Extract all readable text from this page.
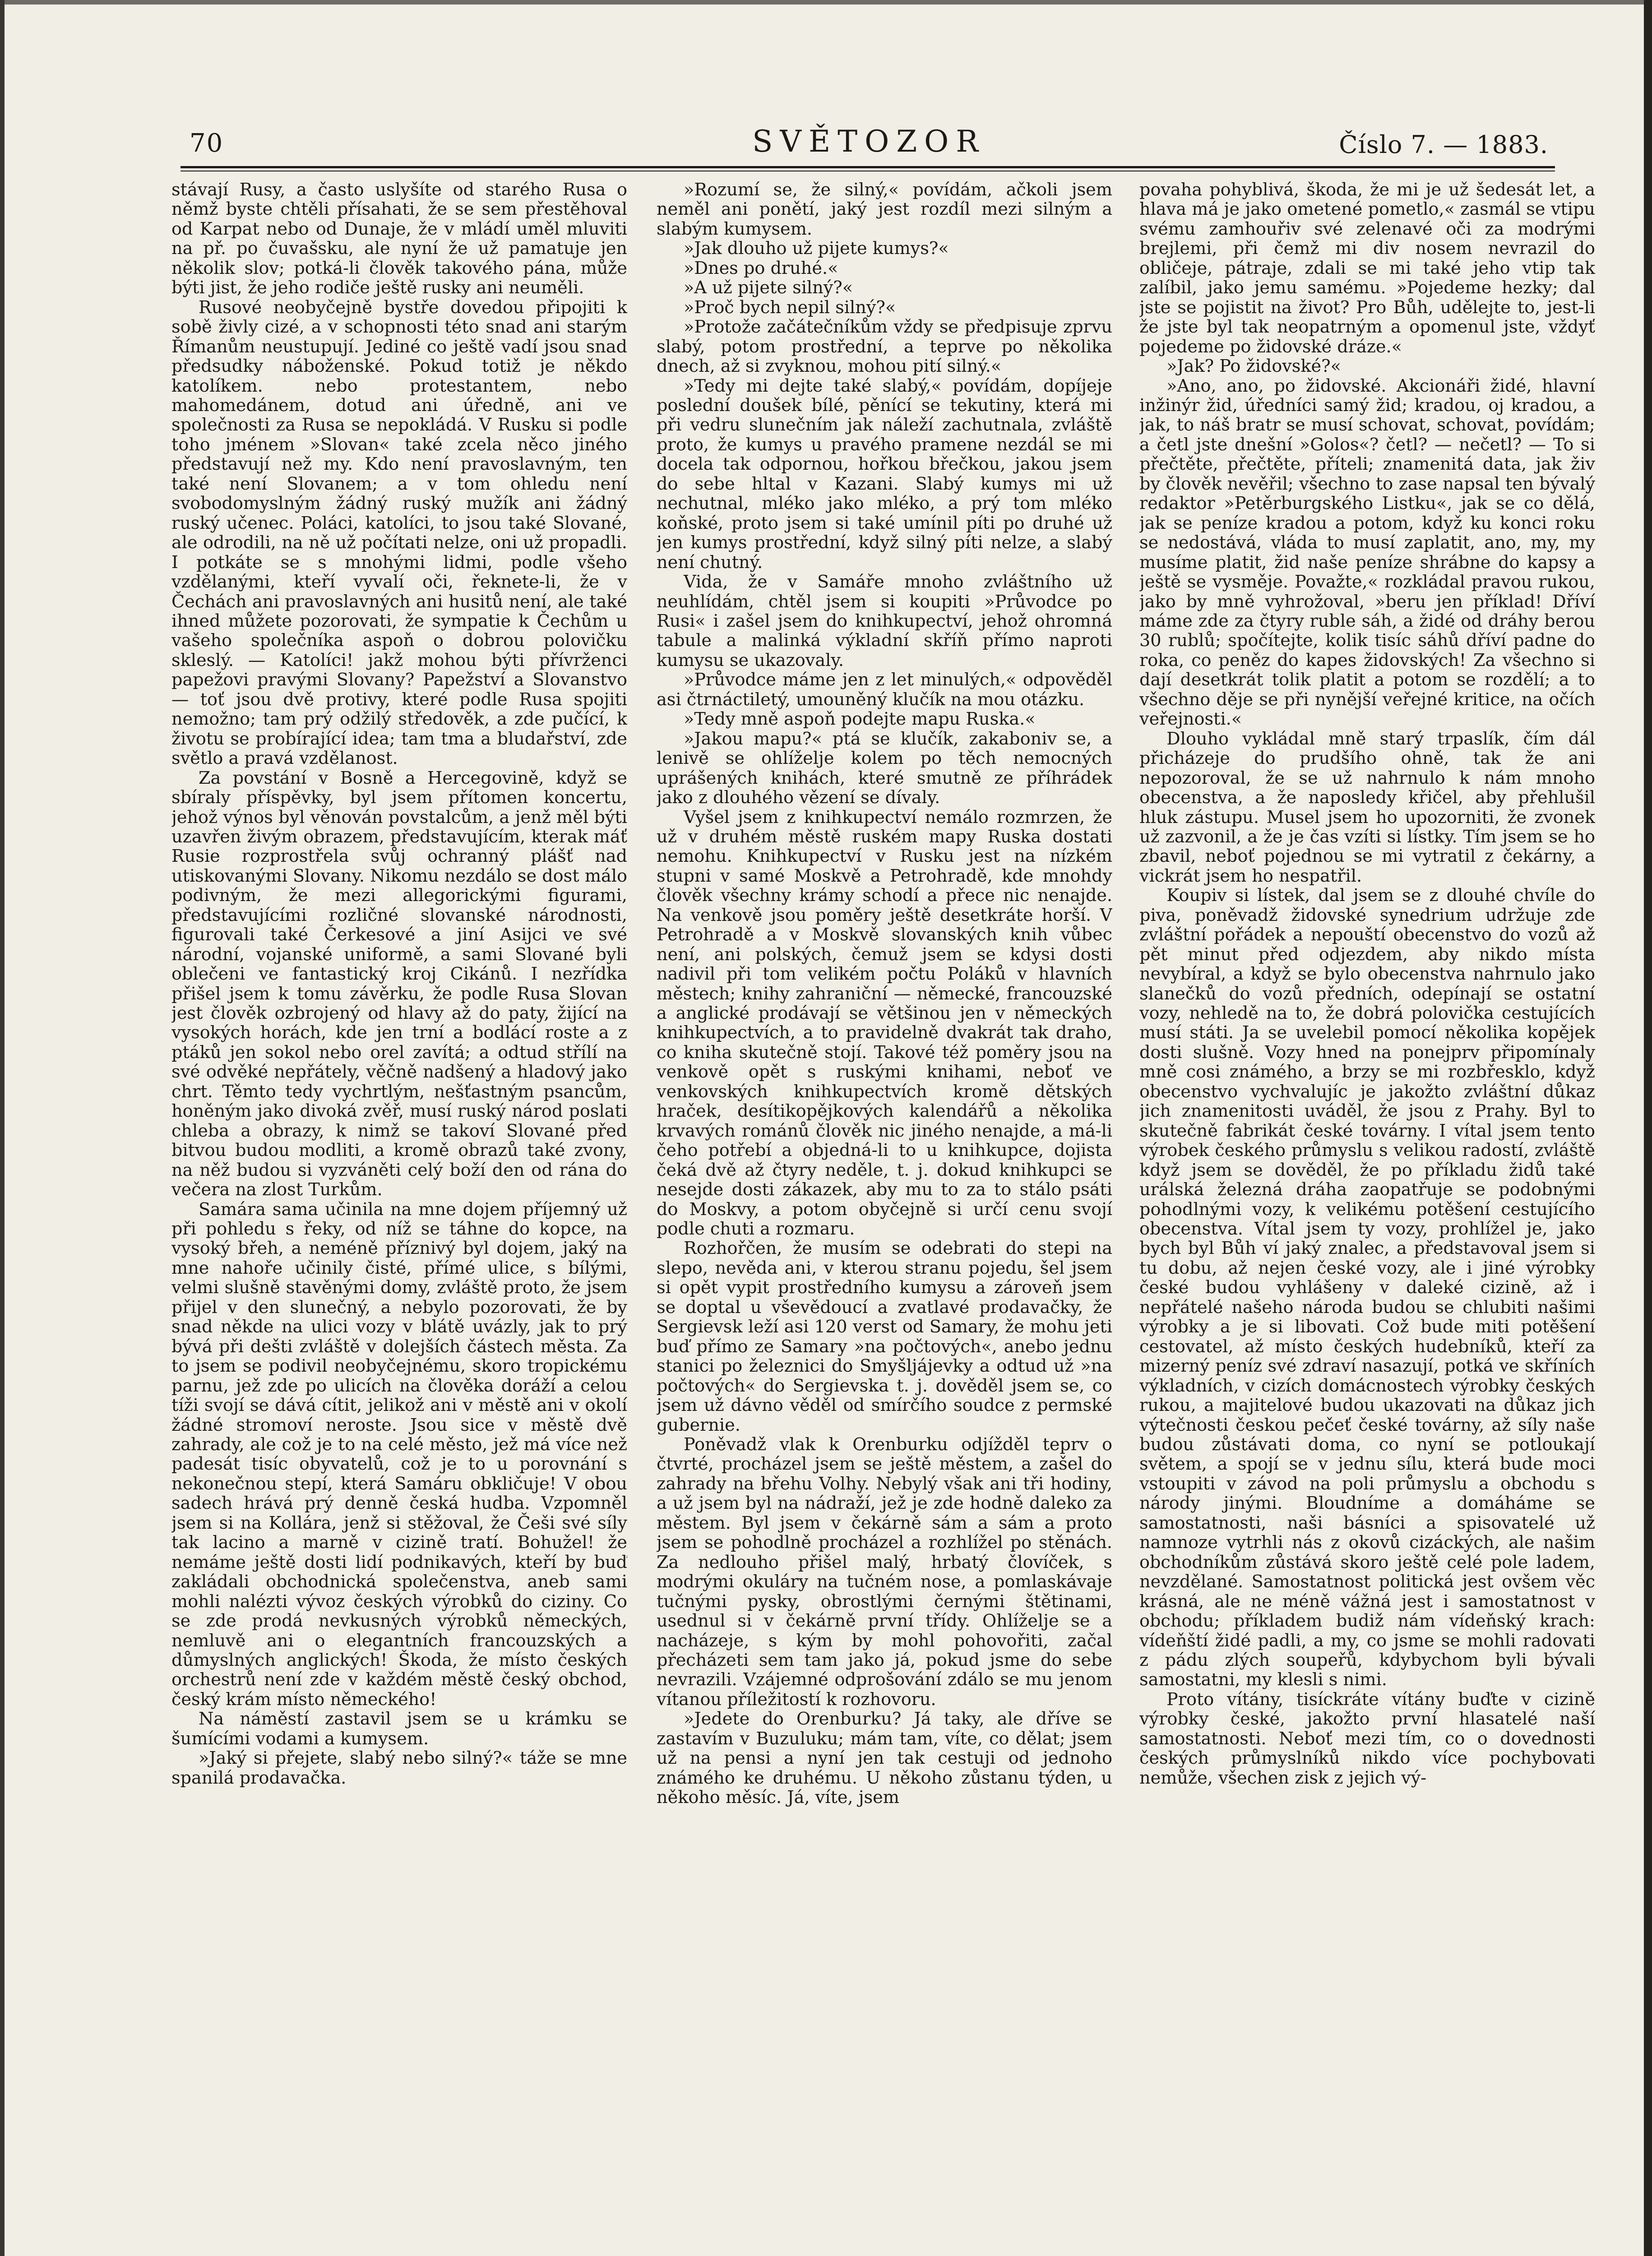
70	SVĚTOZOR	Číslo 7. — 1883.

stávají Rusy, a často uslyšíte od starého Rusa o němž byste chtěli přísahati, že se sem přestěhoval od Karpat nebo od Dunaje, že v mládí uměl mluviti na př. po čuvašsku, ale nyní že už pamatuje jen několik slov; potká-li člověk takového pána, může býti jist, že jeho rodiče ještě rusky ani neuměli.

Rusové neobyčejně bystře dovedou připojiti k sobě živly cizé, a v schopnosti této snad ani starým Římanům neustupují. Jediné co ještě vadí jsou snad předsudky náboženské. Pokud totiž je někdo katolíkem. nebo protestantem, nebo mahomedánem, dotud ani úředně, ani ve společnosti za Rusa se nepokládá. V Rusku si podle toho jménem »Slovan« také zcela něco jiného představují než my. Kdo není pravoslavným, ten také není Slovanem; a v tom ohledu není svobodomyslným žádný ruský mužík ani žádný ruský učenec. Poláci, katolíci, to jsou také Slované, ale odrodili, na ně už počítati nelze, oni už propadli. I potkáte se s mnohými lidmi, podle všeho vzdělanými, kteří vyvalí oči, řeknete-li, že v Čechách ani pravoslavných ani husitů není, ale také ihned můžete pozorovati, že sympatie k Čechům u vašeho společníka aspoň o dobrou polovičku skleslý. — Katolíci! jakž mohou býti přívrženci papežovi pravými Slovany? Papežství a Slovanstvo — toť jsou dvě protivy, které podle Rusa spojiti nemožno; tam prý odžilý středověk, a zde pučící, k životu se probírající idea; tam tma a bludařství, zde světlo a pravá vzdělanost.

Za povstání v Bosně a Hercegovině, když se sbíraly příspěvky, byl jsem přítomen koncertu, jehož výnos byl věnován povstalcům, a jenž měl býti uzavřen živým obrazem, představujícím, kterak máť Rusie rozprostřela svůj ochranný plášť nad utiskovanými Slovany. Nikomu nezdálo se dost málo podivným, že mezi allegorickými figurami, představujícími rozličné slovanské národnosti, figurovali také Čerkesové a jiní Asijci ve své národní, vojanské uniformě, a sami Slované byli oblečeni ve fantastický kroj Cikánů. I nezřídka přišel jsem k tomu závěrku, že podle Rusa Slovan jest člověk ozbrojený od hlavy až do paty, žijící na vysokých horách, kde jen trní a bodlácí roste a z ptáků jen sokol nebo orel zavítá; a odtud střílí na své odvěké nepřátely, věčně nadšený a hladový jako chrt. Těmto tedy vychrtlým, nešťastným psancům, honěným jako divoká zvěř, musí ruský národ poslati chleba a obrazy, k nimž se takoví Slované před bitvou budou modliti, a kromě obrazů také zvony, na něž budou si vyzváněti celý boží den od rána do večera na zlost Turkům.

Samára sama učinila na mne dojem příjemný už při pohledu s řeky, od níž se táhne do kopce, na vysoký břeh, a neméně příznivý byl dojem, jaký na mne nahoře učinily čisté, přímé ulice, s bílými, velmi slušně stavěnými domy, zvláště proto, že jsem přijel v den slunečný, a nebylo pozorovati, že by snad někde na ulici vozy v blátě uvázly, jak to prý bývá při dešti zvláště v dolejších částech města. Za to jsem se podivil neobyčejnému, skoro tropickému parnu, jež zde po ulicích na člověka doráží a celou tíži svojí se dává cítit, jelikož ani v městě ani v okolí žádné stromoví neroste. Jsou sice v městě dvě zahrady, ale což je to na celé město, jež má více než padesát tisíc obyvatelů, což je to u porovnání s nekonečnou stepí, která Samáru obkličuje! V obou sadech hrává prý denně česká hudba. Vzpomněl jsem si na Kollára, jenž si stěžoval, že Češi své síly tak lacino a marně v cizině tratí. Bohužel! že nemáme ještě dosti lidí podnikavých, kteří by buď zakládali obchodnická společenstva, aneb sami mohli nalézti vývoz českých výrobků do ciziny. Co se zde prodá nevkusných výrobků německých, nemluvě ani o elegantních francouzských a důmyslných anglických! Škoda, že místo českých orchestrů není zde v každém městě český obchod, český krám místo německého!

Na náměstí zastavil jsem se u krámku se šumícími vodami a kumysem.

»Jaký si přejete, slabý nebo silný?« táže se mne spanilá prodavačka.

»Rozumí se, že silný,« povídám, ačkoli jsem neměl ani ponětí, jaký jest rozdíl mezi silným a slabým kumysem.

»Jak dlouho už pijete kumys?«

»Dnes po druhé.«

»A už pijete silný?«

»Proč bych nepil silný?«

»Protože začátečníkům vždy se předpisuje zprvu slabý, potom prostřední, a teprve po několika dnech, až si zvyknou, mohou pití silný.«

»Tedy mi dejte také slabý,« povídám, dopíjeje poslední doušek bílé, pěnící se tekutiny, která mi při vedru slunečním jak náleží zachutnala, zvláště proto, že kumys u pravého pramene nezdál se mi docela tak odpornou, hořkou břečkou, jakou jsem do sebe hltal v Kazani. Slabý kumys mi už nechutnal, mléko jako mléko, a prý tom mléko koňské, proto jsem si také umínil píti po druhé už jen kumys prostřední, když silný píti nelze, a slabý není chutný.

Vida, že v Samáře mnoho zvláštního už neuhlídám, chtěl jsem si koupiti »Průvodce po Rusi« i zašel jsem do knihkupectví, jehož ohromná tabule a malinká výkladní skříň přímo naproti kumysu se ukazovaly.

»Průvodce máme jen z let minulých,« odpověděl asi čtrnáctiletý, umouněný klučík na mou otázku.

»Tedy mně aspoň podejte mapu Ruska.«

»Jakou mapu?« ptá se klučík, zakaboniv se, a lenivě se ohlíželje kolem po těch nemocných uprášených knihách, které smutně ze příhrádek jako z dlouhého vězení se dívaly.

Vyšel jsem z knihkupectví nemálo rozmrzen, že už v druhém městě ruském mapy Ruska dostati nemohu. Knihkupectví v Rusku jest na nízkém stupni v samé Moskvě a Petrohradě, kde mnohdy člověk všechny krámy schodí a přece nic nenajde. Na venkově jsou poměry ještě desetkráte horší. V Petrohradě a v Moskvě slovanských knih vůbec není, ani polských, čemuž jsem se kdysi dosti nadivil při tom velikém počtu Poláků v hlavních městech; knihy zahraniční — německé, francouzské a anglické prodávají se většinou jen v německých knihkupectvích, a to pravidelně dvakrát tak draho, co kniha skutečně stojí. Takové též poměry jsou na venkově opět s ruskými knihami, neboť ve venkovských knihkupectvích kromě dětských hraček, desítikopějkových kalendářů a několika krvavých románů člověk nic jiného nenajde, a má-li čeho potřebí a objedná-li to u knihkupce, dojista čeká dvě až čtyry neděle, t. j. dokud knihkupci se nesejde dosti zákazek, aby mu to za to stálo psáti do Moskvy, a potom obyčejně si určí cenu svojí podle chuti a rozmaru.

Rozhořčen, že musím se odebrati do stepi na slepo, nevěda ani, v kterou stranu pojedu, šel jsem si opět vypit prostředního kumysu a zároveň jsem se doptal u vševědoucí a zvatlavé prodavačky, že Sergievsk leží asi 120 verst od Samary, že mohu jeti buď přímo ze Samary »na počtových«, anebo jednu stanici po železnici do Smyšljájevky a odtud už »na počtových« do Sergievska t. j. dověděl jsem se, co jsem už dávno věděl od smírčího soudce z permské gubernie.

Poněvadž vlak k Orenburku odjížděl teprv o čtvrté, procházel jsem se ještě městem, a zašel do zahrady na břehu Volhy. Nebylý však ani tři hodiny, a už jsem byl na nádraží, jež je zde hodně daleko za městem. Byl jsem v čekárně sám a sám a proto jsem se pohodlně procházel a rozhlížel po stěnách. Za nedlouho přišel malý, hrbatý človíček, s modrými okuláry na tučném nose, a pomlaskávaje tučnými pysky, obrostlými černými štětinami, usednul si v čekárně první třídy. Ohlíželje se a nacházeje, s kým by mohl pohovořiti, začal přecházeti sem tam jako já, pokud jsme do sebe nevrazili. Vzájemné odprošování zdálo se mu jenom vítanou příležitostí k rozhovoru.

»Jedete do Orenburku? Já taky, ale dříve se zastavím v Buzuluku; mám tam, víte, co dělat; jsem už na pensi a nyní jen tak cestuji od jednoho známého ke druhému. U někoho zůstanu týden, u někoho měsíc. Já, víte, jsem

povaha pohyblivá, škoda, že mi je už šedesát let, a hlava má je jako ometené pometlo,« zasmál se vtipu svému zamhouřiv své zelenavé oči za modrými brejlemi, při čemž mi div nosem nevrazil do obličeje, pátraje, zdali se mi také jeho vtip tak zalíbil, jako jemu samému. »Pojedeme hezky; dal jste se pojistit na život? Pro Bůh, udělejte to, jest-li že jste byl tak neopatrným a opomenul jste, vždyť pojedeme po židovské dráze.«

»Jak? Po židovské?«

»Ano, ano, po židovské. Akcionáři židé, hlavní inžinýr žid, úředníci samý žid; kradou, oj kradou, a jak, to náš bratr se musí schovat, schovat, povídám; a četl jste dnešní »Golos«? četl? — nečetl? — To si přečtěte, přečtěte, příteli; znamenitá data, jak živ by člověk nevěřil; všechno to zase napsal ten bývalý redaktor »Petěrburgského Listku«, jak se co dělá, jak se peníze kradou a potom, když ku konci roku se nedostává, vláda to musí zaplatit, ano, my, my musíme platit, žid naše peníze shrábne do kapsy a ještě se vysměje. Považte,« rozkládal pravou rukou, jako by mně vyhrožoval, »beru jen příklad! Dříví máme zde za čtyry ruble sáh, a židé od dráhy berou 30 rublů; spočítejte, kolik tisíc sáhů dříví padne do roka, co peněz do kapes židovských! Za všechno si dají desetkrát tolik platit a potom se rozdělí; a to všechno děje se při nynější veřejné kritice, na očích veřejnosti.«

Dlouho vykládal mně starý trpaslík, čím dál přicházeje do prudšího ohně, tak že ani nepozoroval, že se už nahrnulo k nám mnoho obecenstva, a že naposledy křičel, aby přehlušil hluk zástupu. Musel jsem ho upozorniti, že zvonek už zazvonil, a že je čas vzíti si lístky. Tím jsem se ho zbavil, neboť pojednou se mi vytratil z čekárny, a vickrát jsem ho nespatřil.

Koupiv si lístek, dal jsem se z dlouhé chvíle do piva, poněvadž židovské synedrium udržuje zde zvláštní pořádek a nepouští obecenstvo do vozů až pět minut před odjezdem, aby nikdo místa nevybíral, a když se bylo obecenstva nahrnulo jako slanečků do vozů předních, odepínají se ostatní vozy, nehledě na to, že dobrá polovička cestujících musí státi. Ja se uvelebil pomocí několika kopějek dosti slušně. Vozy hned na ponejprv připomínaly mně cosi známého, a brzy se mi rozbřesklo, když obecenstvo vychvalujíc je jakožto zvláštní důkaz jich znamenitosti uváděl, že jsou z Prahy. Byl to skutečně fabrikát české továrny. I vítal jsem tento výrobek českého průmyslu s velikou radostí, zvláště když jsem se dověděl, že po příkladu židů také urálská železná dráha zaopatřuje se podobnými pohodlnými vozy, k velikému potěšení cestujícího obecenstva. Vítal jsem ty vozy, prohlížel je, jako bych byl Bůh ví jaký znalec, a představoval jsem si tu dobu, až nejen české vozy, ale i jiné výrobky české budou vyhlášeny v daleké cizině, až i nepřátelé našeho národa budou se chlubiti našimi výrobky a je si libovati. Což bude miti potěšení cestovatel, až místo českých hudebníků, kteří za mizerný peníz své zdraví nasazují, potká ve skříních výkladních, v cizích domácnostech výrobky českých rukou, a majitelové budou ukazovati na důkaz jich výtečnosti českou pečeť české továrny, až síly naše budou zůstávati doma, co nyní se potloukají světem, a spojí se v jednu sílu, která bude moci vstoupiti v závod na poli průmyslu a obchodu s národy jinými. Bloudníme a domáháme se samostatnosti, naši básníci a spisovatelé už namnoze vytrhli nás z okovů cizáckých, ale našim obchodníkům zůstává skoro ještě celé pole ladem, nevzdělané. Samostatnost politická jest ovšem věc krásná, ale ne méně vážná jest i samostatnost v obchodu; příkladem budiž nám vídeňský krach: vídeňští židé padli, a my, co jsme se mohli radovati z pádu zlých soupeřů, kdybychom byli bývali samostatni, my klesli s nimi.

Proto vítány, tisíckráte vítány buďte v cizině výrobky české, jakožto první hlasatelé naší samostatnosti. Neboť mezi tím, co o dovednosti českých průmyslníků nikdo více pochybovati nemůže, všechen zisk z jejich vý-
